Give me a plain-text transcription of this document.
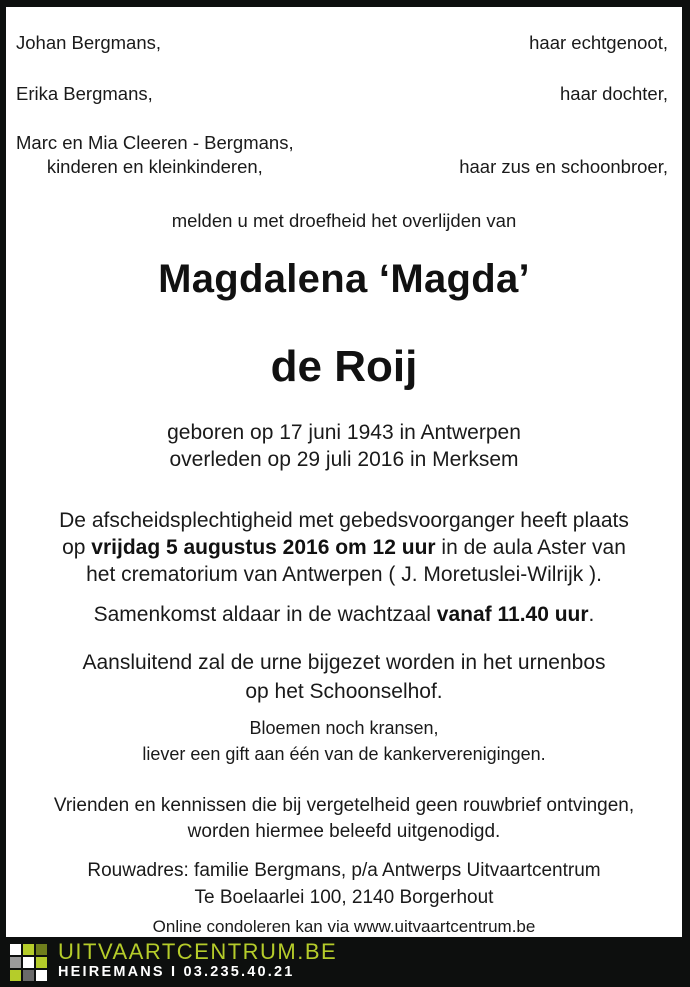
Johan Bergmans,	haar echtgenoot,
Erika Bergmans,	haar dochter,
Marc en Mia Cleeren - Bergmans,
kinderen en kleinkinderen,	haar zus en schoonbroer,
melden u met droefheid het overlijden van
Magdalena ‘Magda’
de Roij
geboren op 17 juni 1943 in Antwerpen
overleden op 29 juli 2016 in Merksem
De afscheidsplechtigheid met gebedsvoorganger heeft plaats
op vrijdag 5 augustus 2016 om 12 uur in de aula Aster van
het crematorium van Antwerpen ( J. Moretuslei-Wilrijk ).
Samenkomst aldaar in de wachtzaal vanaf 11.40 uur.
Aansluitend zal de urne bijgezet worden in het urnenbos
op het Schoonselhof.
Bloemen noch kransen,
liever een gift aan één van de kankerverenigingen.
Vrienden en kennissen die bij vergetelheid geen rouwbrief ontvingen,
worden hiermee beleefd uitgenodigd.
Rouwadres: familie Bergmans, p/a Antwerps Uitvaartcentrum
Te Boelaarlei 100, 2140 Borgerhout
Online condoleren kan via www.uitvaartcentrum.be
UITVAARTCENTRUM.BE
HEIREMANS I 03.235.40.21
